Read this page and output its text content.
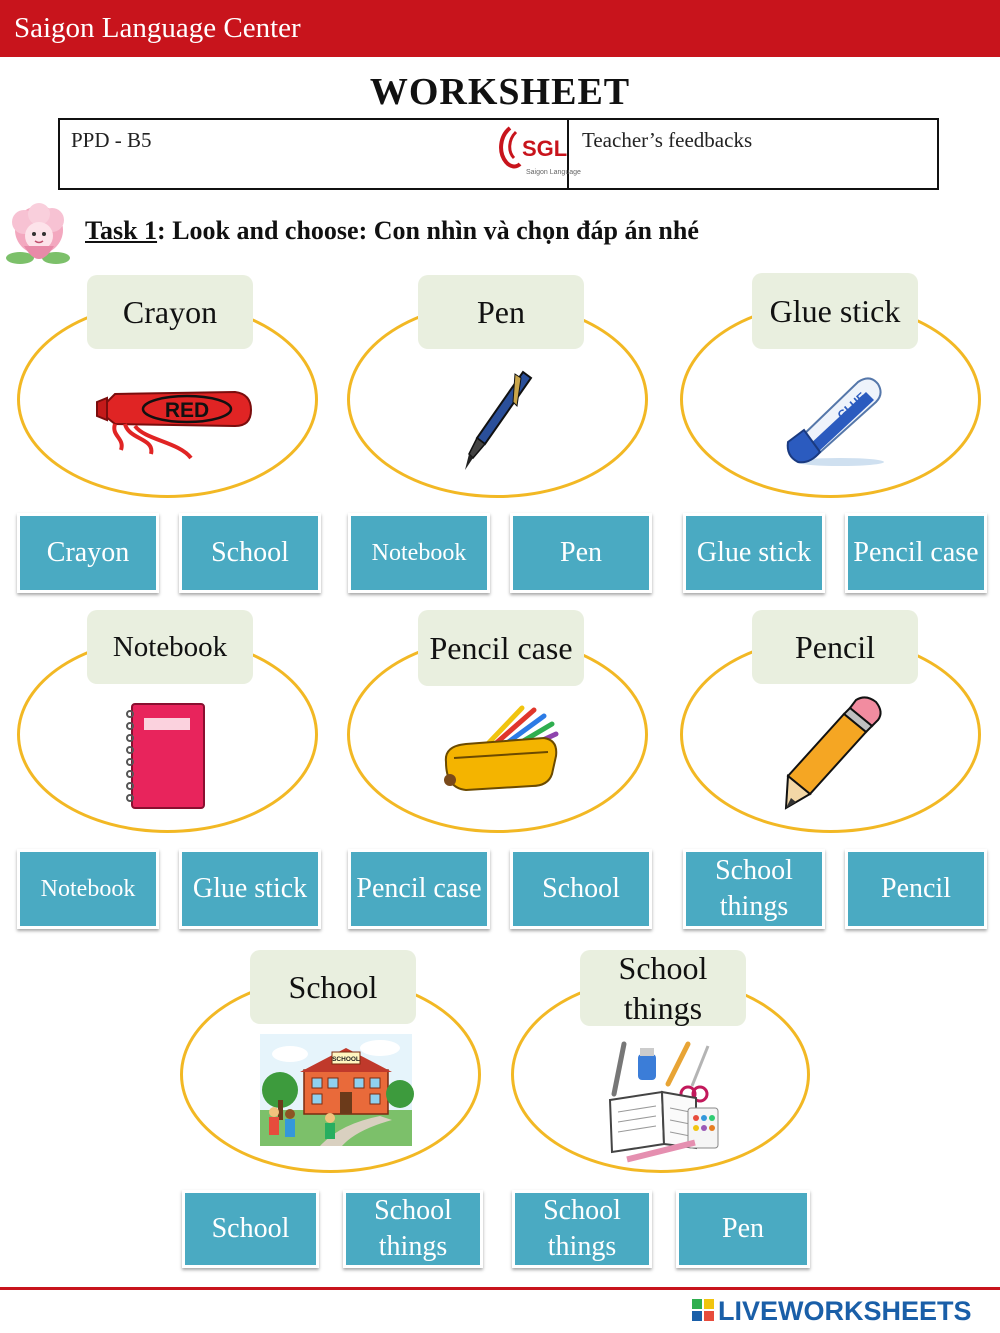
Saigon Language Center
WORKSHEET
PPD - B5	Teacher’s feedbacks
SGL
Saigon Language
Task 1: Look and choose: Con nhìn và chọn đáp án nhé
Crayon
RED
Crayon	School
Pen
Notebook	Pen
Glue stick
GLUE
Glue stick	Pencil case
Notebook
Notebook	Glue stick
Pencil case
Pencil case	School
Pencil
School things
Pencil
School
SCHOOL
School
School things
School things
School things
Pen
LIVEWORKSHEETS
